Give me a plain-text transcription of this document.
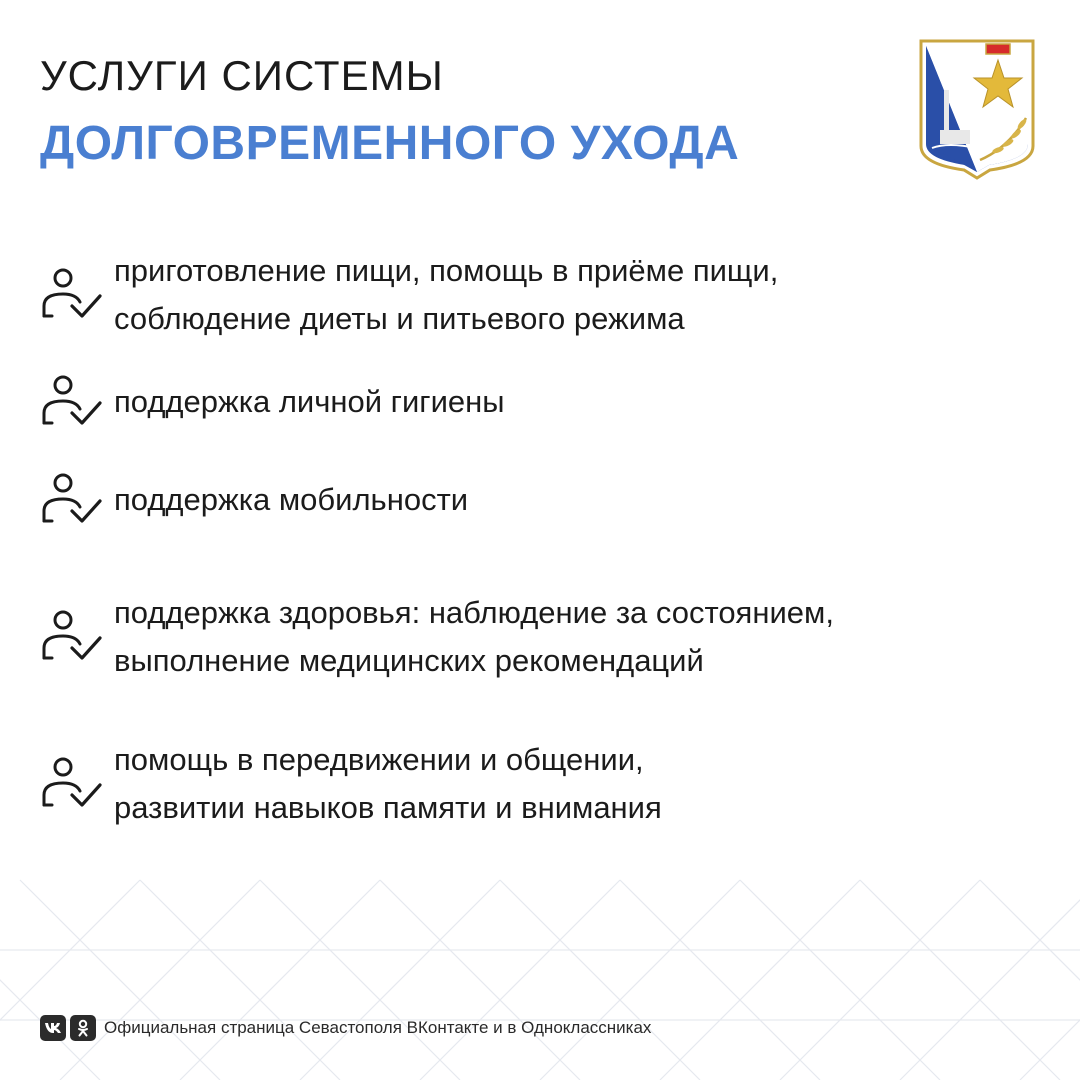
УСЛУГИ СИСТЕМЫ
ДОЛГОВРЕМЕННОГО УХОДА
приготовление пищи, помощь в приёме пищи,
соблюдение диеты и питьевого режима
поддержка личной гигиены
поддержка мобильности
поддержка здоровья: наблюдение за состоянием,
выполнение медицинских рекомендаций
помощь в передвижении и общении,
развитии навыков памяти и внимания
Официальная страница Севастополя ВКонтакте и в Одноклассниках
